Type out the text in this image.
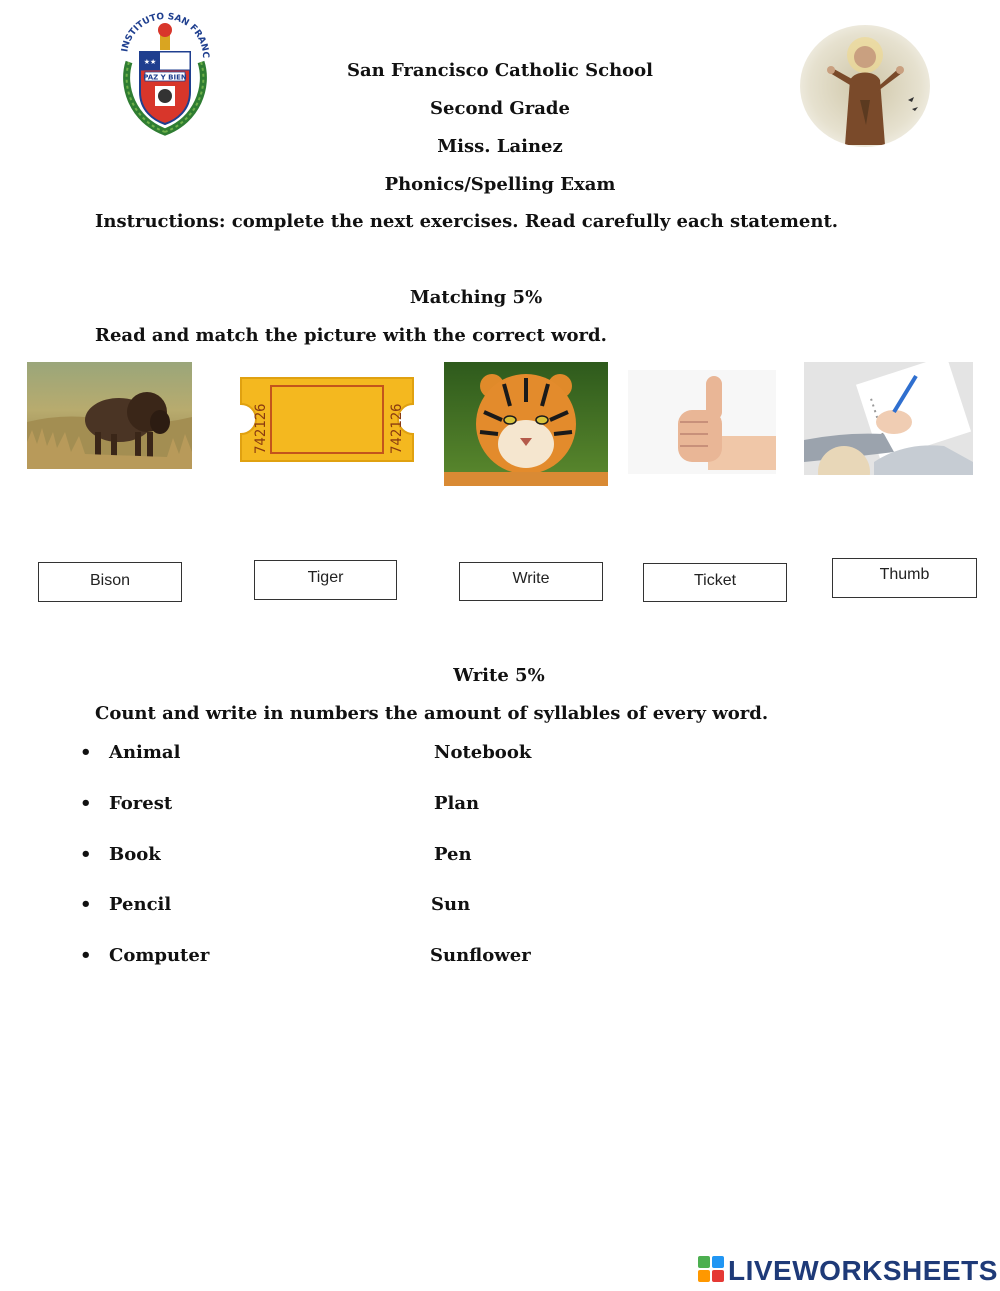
INSTITUTO SAN FRANC
★★
PAZ Y BIEN	San Francisco Catholic School
Second Grade
Miss. Lainez
Phonics/Spelling Exam
Instructions: complete the next exercises. Read carefully each statement.
Matching 5%
Read and match the picture with the correct word.
742126	742126
Bison	Tiger	Write	Ticket	Thumb
Write 5%
Count and write in numbers the amount of syllables of every word.
• Animal
• Forest
• Book
• Pencil
• Computer
Notebook
Plan
Pen
Sun
Sunflower
LIVEWORKSHEETS
